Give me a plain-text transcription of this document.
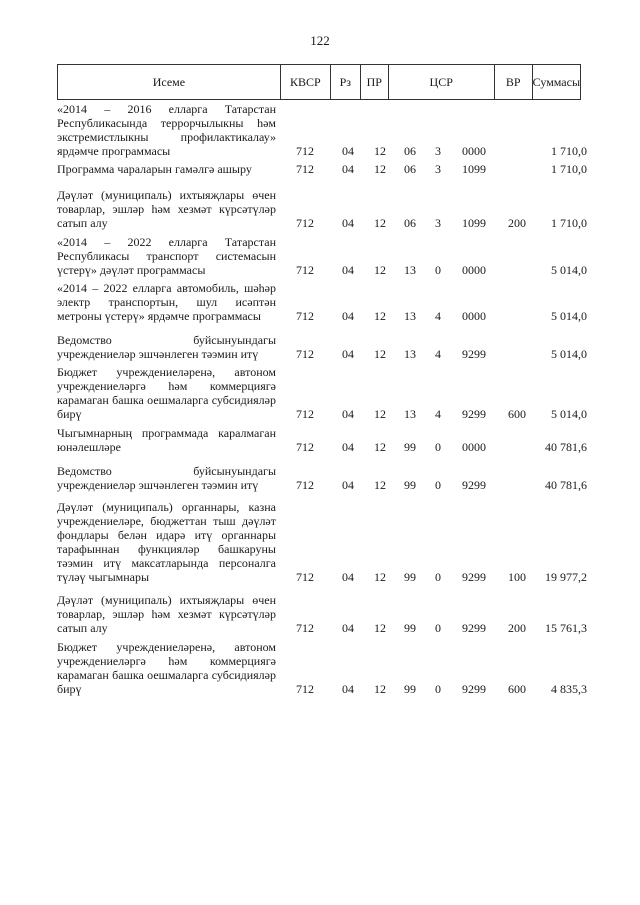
122
Исеме	КВСР	Рз	ПР	ЦСР	ВР	Суммасы
«2014 – 2016 елларга Татарстан Республикасында террорчылыкны һәм экстремистлыкны профилактикалау» ярдәмче программасы	712	04	12	06	3	0000	1 710,0
Программа чараларын гамәлгә ашыру	712	04	12	06	3	1099	1 710,0
Дәүләт (муниципаль) ихтыяҗлары өчен товарлар, эшләр һәм хезмәт күрсәтүләр сатып алу	712	04	12	06	3	1099	200	1 710,0
«2014 – 2022 елларга Татарстан Республикасы транспорт системасын үстерү» дәүләт программасы	712	04	12	13	0	0000	5 014,0
«2014 – 2022 елларга автомобиль, шәһәр электр транспортын, шул исәптән метроны үстерү» ярдәмче программасы	712	04	12	13	4	0000	5 014,0
Ведомство буйсынуындагы учреждениеләр эшчәнлеген тәэмин итү	712	04	12	13	4	9299	5 014,0
Бюджет учреждениеләренә, автоном учреждениеләргә һәм коммерциягә карамаган башка оешмаларга субсидияләр бирү	712	04	12	13	4	9299	600	5 014,0
Чыгымнарның программада каралмаган юнәлешләре	712	04	12	99	0	0000	40 781,6
Ведомство буйсынуындагы учреждениеләр эшчәнлеген тәэмин итү	712	04	12	99	0	9299	40 781,6
Дәүләт (муниципаль) органнары, казна учреждениеләре, бюджеттан тыш дәүләт фондлары белән идарә итү органнары тарафыннан функцияләр башкаруны тәэмин итү максатларында персоналга түләү чыгымнары	712	04	12	99	0	9299	100	19 977,2
Дәүләт (муниципаль) ихтыяҗлары өчен товарлар, эшләр һәм хезмәт күрсәтүләр сатып алу	712	04	12	99	0	9299	200	15 761,3
Бюджет учреждениеләренә, автоном учреждениеләргә һәм коммерциягә карамаган башка оешмаларга субсидияләр бирү	712	04	12	99	0	9299	600	4 835,3
